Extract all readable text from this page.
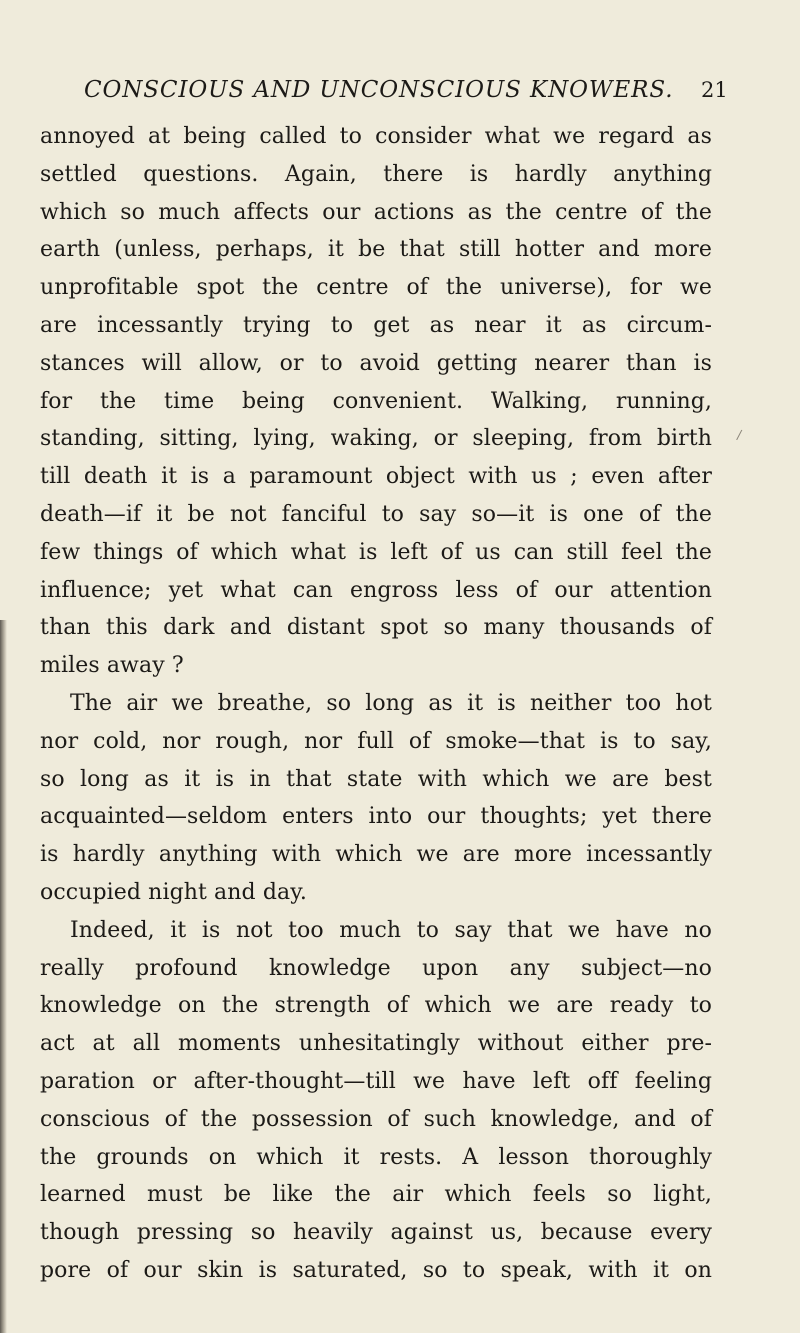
CONSCIOUS AND UNCONSCIOUS KNOWERS. 21
annoyed at being called to consider what we regard as
settled questions. Again, there is hardly anything
which so much affects our actions as the centre of the
earth (unless, perhaps, it be that still hotter and more
unprofitable spot the centre of the universe), for we
are incessantly trying to get as near it as circum-
stances will allow, or to avoid getting nearer than is
for the time being convenient. Walking, running,
standing, sitting, lying, waking, or sleeping, from birth
till death it is a paramount object with us ; even after
death—if it be not fanciful to say so—it is one of the
few things of which what is left of us can still feel the
influence; yet what can engross less of our attention
than this dark and distant spot so many thousands of
miles away ?
The air we breathe, so long as it is neither too hot
nor cold, nor rough, nor full of smoke—that is to say,
so long as it is in that state with which we are best
acquainted—seldom enters into our thoughts; yet there
is hardly anything with which we are more incessantly
occupied night and day.
Indeed, it is not too much to say that we have no
really profound knowledge upon any subject—no
knowledge on the strength of which we are ready to
act at all moments unhesitatingly without either pre-
paration or after-thought—till we have left off feeling
conscious of the possession of such knowledge, and of
the grounds on which it rests. A lesson thoroughly
learned must be like the air which feels so light,
though pressing so heavily against us, because every
pore of our skin is saturated, so to speak, with it on
/
